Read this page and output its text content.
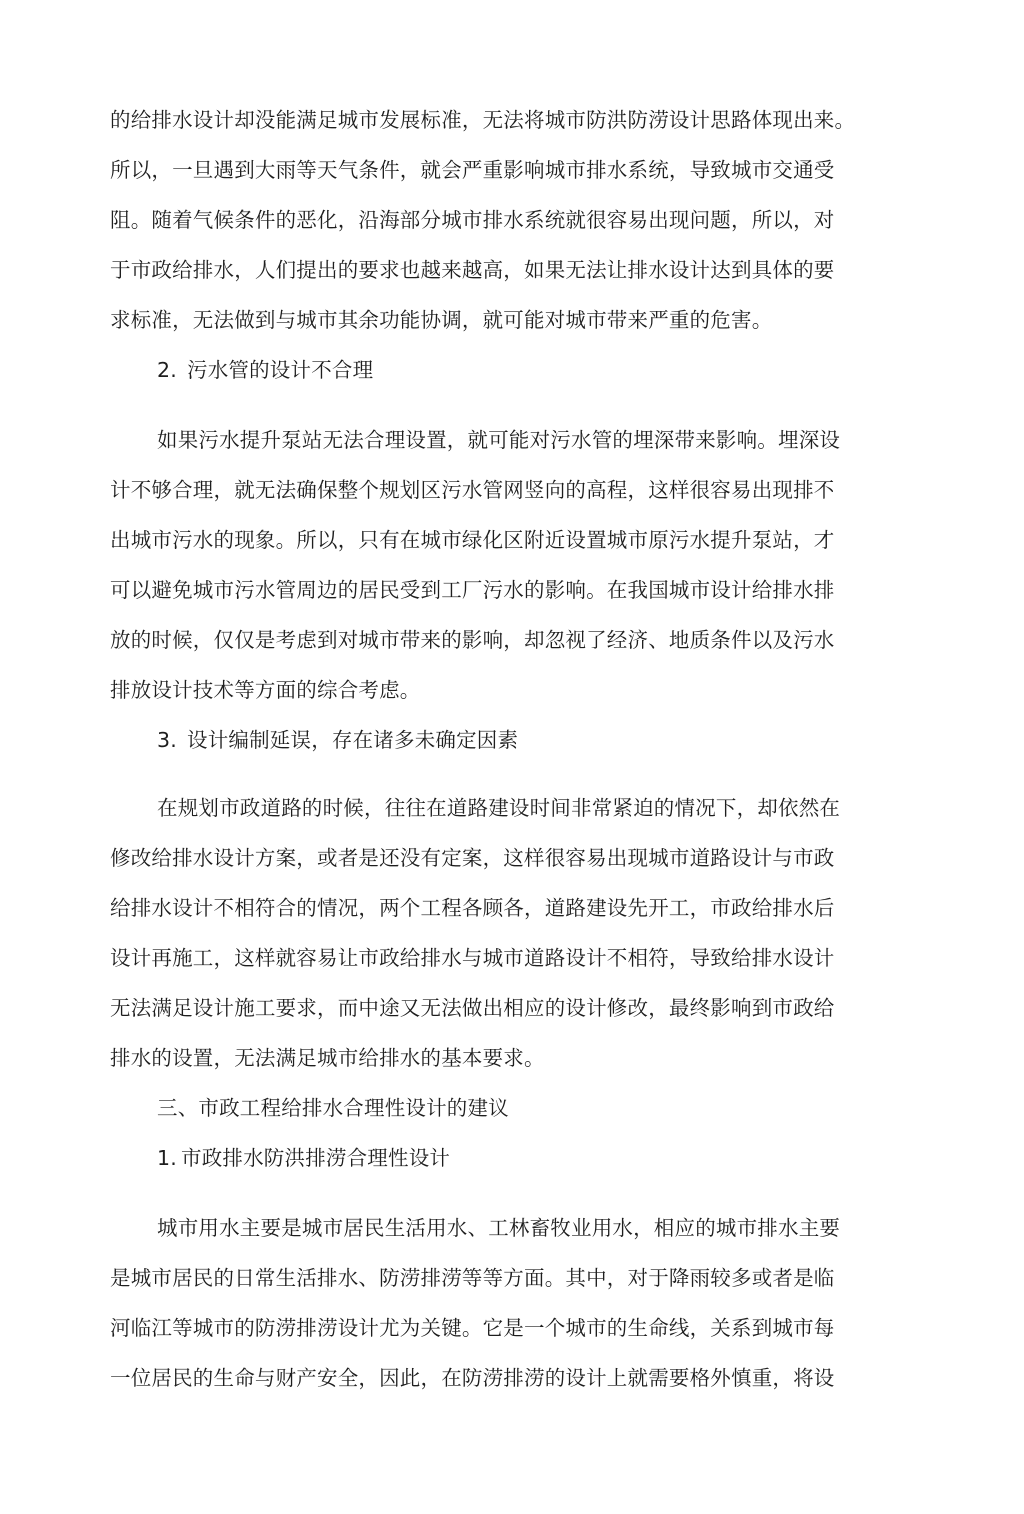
的给排水设计却没能满足城市发展标准，无法将城市防洪防涝设计思路体现出来。
所以，一旦遇到大雨等天气条件，就会严重影响城市排水系统，导致城市交通受
阻。随着气候条件的恶化，沿海部分城市排水系统就很容易出现问题，所以，对
于市政给排水，人们提出的要求也越来越高，如果无法让排水设计达到具体的要
求标准，无法做到与城市其余功能协调，就可能对城市带来严重的危害。
2. 污水管的设计不合理
如果污水提升泵站无法合理设置，就可能对污水管的埋深带来影响。埋深设
计不够合理，就无法确保整个规划区污水管网竖向的高程，这样很容易出现排不
出城市污水的现象。所以，只有在城市绿化区附近设置城市原污水提升泵站，才
可以避免城市污水管周边的居民受到工厂污水的影响。在我国城市设计给排水排
放的时候，仅仅是考虑到对城市带来的影响，却忽视了经济、地质条件以及污水
排放设计技术等方面的综合考虑。
3. 设计编制延误，存在诸多未确定因素
在规划市政道路的时候，往往在道路建设时间非常紧迫的情况下，却依然在
修改给排水设计方案，或者是还没有定案，这样很容易出现城市道路设计与市政
给排水设计不相符合的情况，两个工程各顾各，道路建设先开工，市政给排水后
设计再施工，这样就容易让市政给排水与城市道路设计不相符，导致给排水设计
无法满足设计施工要求，而中途又无法做出相应的设计修改，最终影响到市政给
排水的设置，无法满足城市给排水的基本要求。
三、市政工程给排水合理性设计的建议
1. 市政排水防洪排涝合理性设计
城市用水主要是城市居民生活用水、工林畜牧业用水，相应的城市排水主要
是城市居民的日常生活排水、防涝排涝等等方面。其中，对于降雨较多或者是临
河临江等城市的防涝排涝设计尤为关键。它是一个城市的生命线，关系到城市每
一位居民的生命与财产安全，因此，在防涝排涝的设计上就需要格外慎重，将设
